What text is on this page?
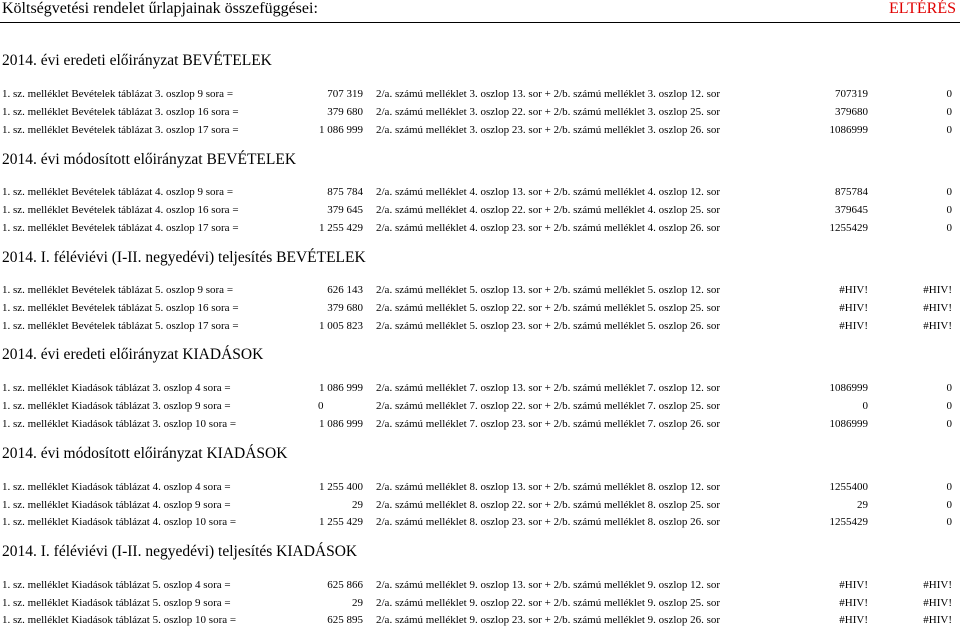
Költségvetési rendelet űrlapjainak összefüggései:	ELTÉRÉS
2014. évi eredeti előirányzat BEVÉTELEK
1. sz. melléklet Bevételek táblázat 3. oszlop 9 sora =	707 319 2/a. számú melléklet 3. oszlop 13. sor + 2/b. számú melléklet 3. oszlop 12. sor	707319	0
1. sz. melléklet Bevételek táblázat 3. oszlop 16 sora =	379 680 2/a. számú melléklet 3. oszlop 22. sor + 2/b. számú melléklet 3. oszlop 25. sor	379680	0
1. sz. melléklet Bevételek táblázat 3. oszlop 17 sora =	1 086 999 2/a. számú melléklet 3. oszlop 23. sor + 2/b. számú melléklet 3. oszlop 26. sor	1086999	0
2014. évi módosított előirányzat BEVÉTELEK
1. sz. melléklet Bevételek táblázat 4. oszlop 9 sora =	875 784 2/a. számú melléklet 4. oszlop 13. sor + 2/b. számú melléklet 4. oszlop 12. sor	875784	0
1. sz. melléklet Bevételek táblázat 4. oszlop 16 sora =	379 645 2/a. számú melléklet 4. oszlop 22. sor + 2/b. számú melléklet 4. oszlop 25. sor	379645	0
1. sz. melléklet Bevételek táblázat 4. oszlop 17 sora =	1 255 429 2/a. számú melléklet 4. oszlop 23. sor + 2/b. számú melléklet 4. oszlop 26. sor	1255429	0
2014. I. féléviévi (I-II. negyedévi) teljesítés BEVÉTELEK
1. sz. melléklet Bevételek táblázat 5. oszlop 9 sora =	626 143 2/a. számú melléklet 5. oszlop 13. sor + 2/b. számú melléklet 5. oszlop 12. sor	#HIV!	#HIV!
1. sz. melléklet Bevételek táblázat 5. oszlop 16 sora =	379 680 2/a. számú melléklet 5. oszlop 22. sor + 2/b. számú melléklet 5. oszlop 25. sor	#HIV!	#HIV!
1. sz. melléklet Bevételek táblázat 5. oszlop 17 sora =	1 005 823 2/a. számú melléklet 5. oszlop 23. sor + 2/b. számú melléklet 5. oszlop 26. sor	#HIV!	#HIV!
2014. évi eredeti előirányzat KIADÁSOK
1. sz. melléklet Kiadások táblázat 3. oszlop 4 sora =	1 086 999 2/a. számú melléklet 7. oszlop 13. sor + 2/b. számú melléklet 7. oszlop 12. sor	1086999	0
1. sz. melléklet Kiadások táblázat 3. oszlop 9 sora =	0	2/a. számú melléklet 7. oszlop 22. sor + 2/b. számú melléklet 7. oszlop 25. sor	0	0
1. sz. melléklet Kiadások táblázat 3. oszlop 10 sora =	1 086 999 2/a. számú melléklet 7. oszlop 23. sor + 2/b. számú melléklet 7. oszlop 26. sor	1086999	0
2014. évi módosított előirányzat KIADÁSOK
1. sz. melléklet Kiadások táblázat 4. oszlop 4 sora =	1 255 400 2/a. számú melléklet 8. oszlop 13. sor + 2/b. számú melléklet 8. oszlop 12. sor	1255400	0
1. sz. melléklet Kiadások táblázat 4. oszlop 9 sora =	29 2/a. számú melléklet 8. oszlop 22. sor + 2/b. számú melléklet 8. oszlop 25. sor	29	0
1. sz. melléklet Kiadások táblázat 4. oszlop 10 sora =	1 255 429 2/a. számú melléklet 8. oszlop 23. sor + 2/b. számú melléklet 8. oszlop 26. sor	1255429	0
2014. I. féléviévi (I-II. negyedévi) teljesítés KIADÁSOK
1. sz. melléklet Kiadások táblázat 5. oszlop 4 sora =	625 866 2/a. számú melléklet 9. oszlop 13. sor + 2/b. számú melléklet 9. oszlop 12. sor	#HIV!	#HIV!
1. sz. melléklet Kiadások táblázat 5. oszlop 9 sora =	29 2/a. számú melléklet 9. oszlop 22. sor + 2/b. számú melléklet 9. oszlop 25. sor	#HIV!	#HIV!
1. sz. melléklet Kiadások táblázat 5. oszlop 10 sora =	625 895 2/a. számú melléklet 9. oszlop 23. sor + 2/b. számú melléklet 9. oszlop 26. sor	#HIV!	#HIV!
